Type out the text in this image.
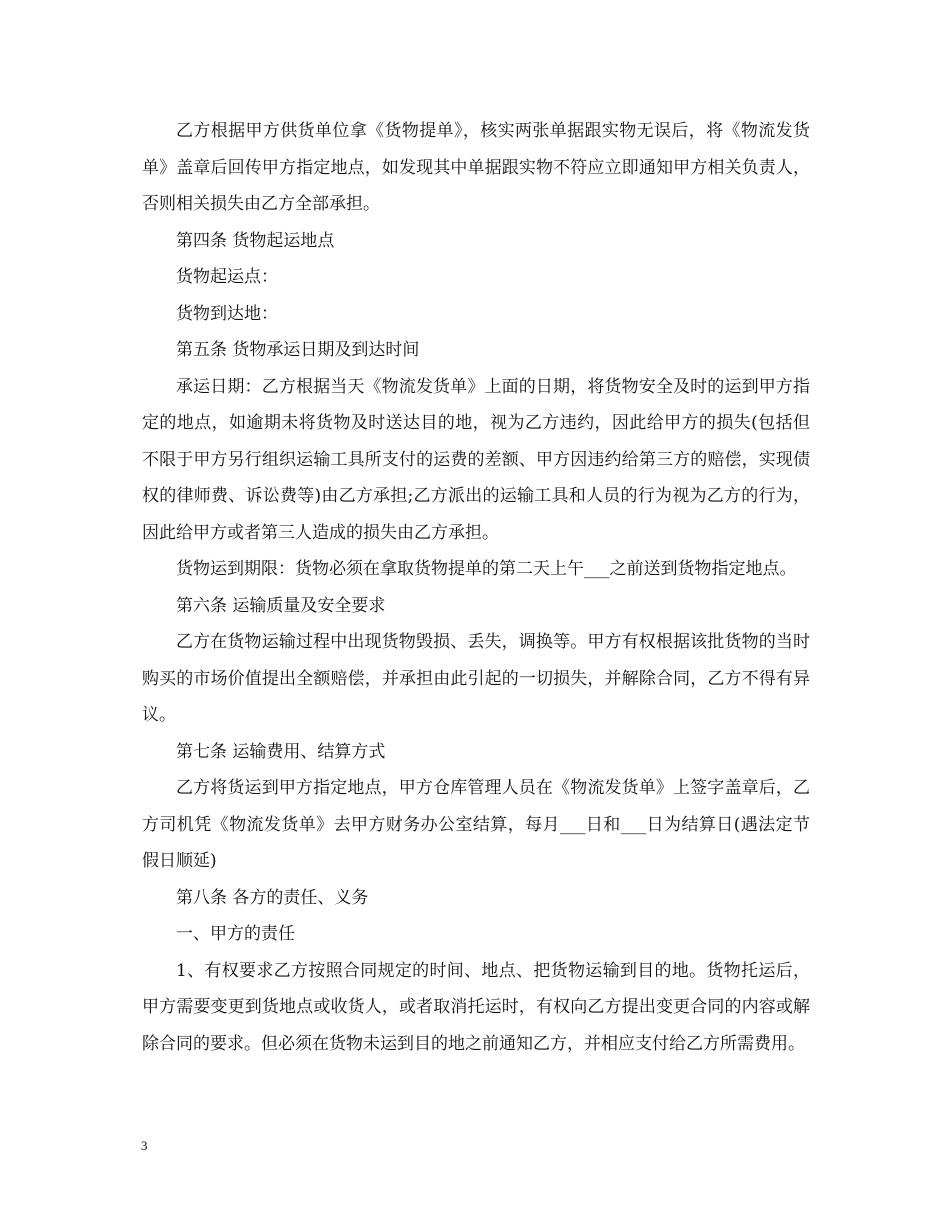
乙方根据甲方供货单位拿《货物提单》，核实两张单据跟实物无误后，将《物流发货单》盖章后回传甲方指定地点，如发现其中单据跟实物不符应立即通知甲方相关负责人，否则相关损失由乙方全部承担。

第四条 货物起运地点

货物起运点：

货物到达地：

第五条 货物承运日期及到达时间

承运日期：乙方根据当天《物流发货单》上面的日期，将货物安全及时的运到甲方指定的地点，如逾期未将货物及时送达目的地，视为乙方违约，因此给甲方的损失(包括但不限于甲方另行组织运输工具所支付的运费的差额、甲方因违约给第三方的赔偿，实现债权的律师费、诉讼费等)由乙方承担;乙方派出的运输工具和人员的行为视为乙方的行为，因此给甲方或者第三人造成的损失由乙方承担。

货物运到期限：货物必须在拿取货物提单的第二天上午___之前送到货物指定地点。

第六条 运输质量及安全要求

乙方在货物运输过程中出现货物毁损、丢失，调换等。甲方有权根据该批货物的当时购买的市场价值提出全额赔偿，并承担由此引起的一切损失，并解除合同，乙方不得有异议。

第七条 运输费用、结算方式

乙方将货运到甲方指定地点，甲方仓库管理人员在《物流发货单》上签字盖章后，乙方司机凭《物流发货单》去甲方财务办公室结算，每月___日和___日为结算日(遇法定节假日顺延)

第八条 各方的责任、义务

一、甲方的责任

1、有权要求乙方按照合同规定的时间、地点、把货物运输到目的地。货物托运后，甲方需要变更到货地点或收货人，或者取消托运时，有权向乙方提出变更合同的内容或解除合同的要求。但必须在货物未运到目的地之前通知乙方，并相应支付给乙方所需费用。

3
